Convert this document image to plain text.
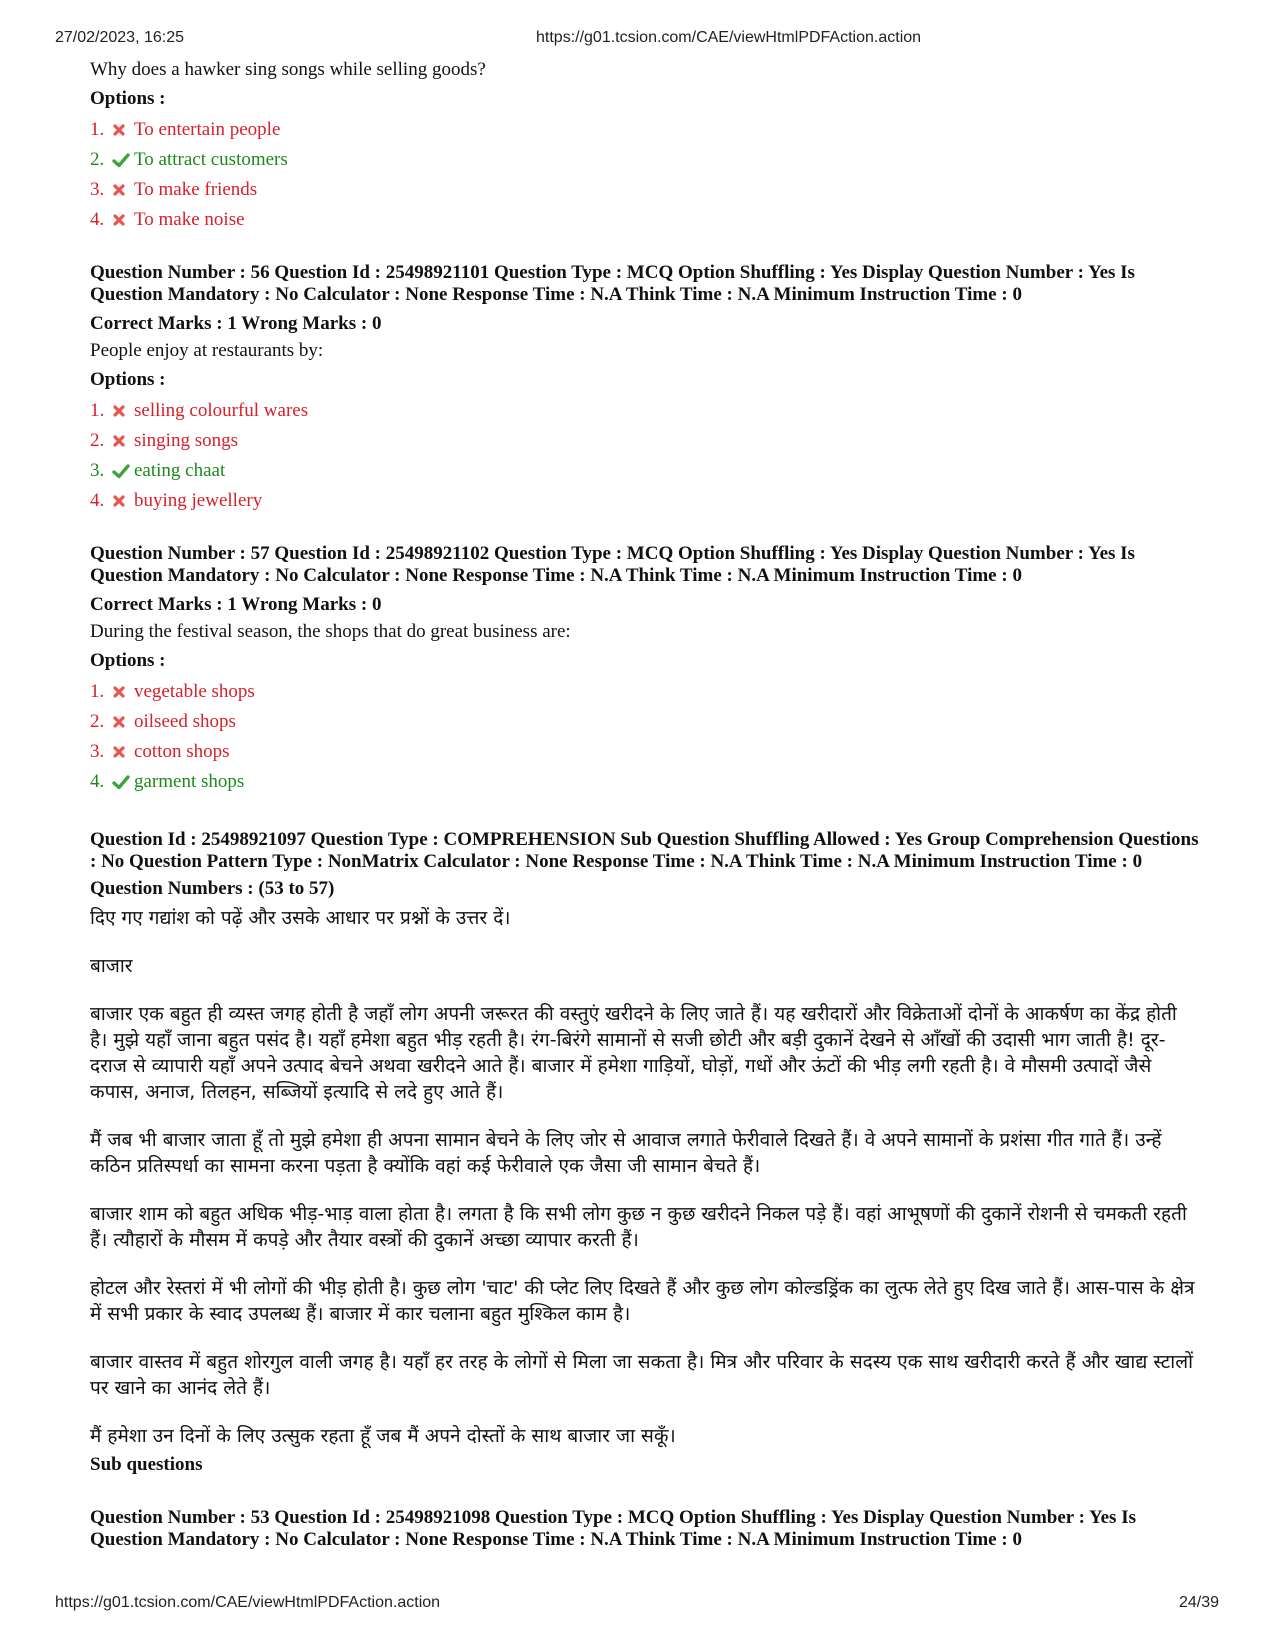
27/02/2023, 16:25	https://g01.tcsion.com/CAE/viewHtmlPDFAction.action

Why does a hawker sing songs while selling goods?

Options :
1.	To entertain people
2.	To attract customers
3.	To make friends
4.	To make noise

Question Number : 56 Question Id : 25498921101 Question Type : MCQ Option Shuffling : Yes Display Question Number : Yes Is Question Mandatory : No Calculator : None Response Time : N.A Think Time : N.A Minimum Instruction Time : 0

Correct Marks : 1 Wrong Marks : 0
People enjoy at restaurants by:
Options :
1.	selling colourful wares
2.	singing songs
3.	eating chaat
4.	buying jewellery

Question Number : 57 Question Id : 25498921102 Question Type : MCQ Option Shuffling : Yes Display Question Number : Yes Is Question Mandatory : No Calculator : None Response Time : N.A Think Time : N.A Minimum Instruction Time : 0

Correct Marks : 1 Wrong Marks : 0
During the festival season, the shops that do great business are:
Options :
1.	vegetable shops
2.	oilseed shops
3.	cotton shops
4.	garment shops

Question Id : 25498921097 Question Type : COMPREHENSION Sub Question Shuffling Allowed : Yes Group Comprehension Questions : No Question Pattern Type : NonMatrix Calculator : None Response Time : N.A Think Time : N.A Minimum Instruction Time : 0

Question Numbers : (53 to 57)
दिए गए गद्यांश को पढ़ें और उसके आधार पर प्रश्नों के उत्तर दें।
बाजार
बाजार एक बहुत ही व्यस्त जगह होती है जहाँ लोग अपनी जरूरत की वस्तुएं खरीदने के लिए जाते हैं। यह खरीदारों और विक्रेताओं दोनों के आकर्षण का केंद्र होती है। मुझे यहाँ जाना बहुत पसंद है। यहाँ हमेशा बहुत भीड़ रहती है। रंग-बिरंगे सामानों से सजी छोटी और बड़ी दुकानें देखने से आँखों की उदासी भाग जाती है! दूर-दराज से व्यापारी यहाँ अपने उत्पाद बेचने अथवा खरीदने आते हैं। बाजार में हमेशा गाड़ियों, घोड़ों, गधों और ऊंटों की भीड़ लगी रहती है। वे मौसमी उत्पादों जैसे कपास, अनाज, तिलहन, सब्जियों इत्यादि से लदे हुए आते हैं।
मैं जब भी बाजार जाता हूँ तो मुझे हमेशा ही अपना सामान बेचने के लिए जोर से आवाज लगाते फेरीवाले दिखते हैं। वे अपने सामानों के प्रशंसा गीत गाते हैं। उन्हें कठिन प्रतिस्पर्धा का सामना करना पड़ता है क्योंकि वहां कई फेरीवाले एक जैसा जी सामान बेचते हैं।
बाजार शाम को बहुत अधिक भीड़-भाड़ वाला होता है। लगता है कि सभी लोग कुछ न कुछ खरीदने निकल पड़े हैं। वहां आभूषणों की दुकानें रोशनी से चमकती रहती हैं। त्यौहारों के मौसम में कपड़े और तैयार वस्त्रों की दुकानें अच्छा व्यापार करती हैं।
होटल और रेस्तरां में भी लोगों की भीड़ होती है। कुछ लोग 'चाट' की प्लेट लिए दिखते हैं और कुछ लोग कोल्डड्रिंक का लुत्फ लेते हुए दिख जाते हैं। आस-पास के क्षेत्र में सभी प्रकार के स्वाद उपलब्ध हैं। बाजार में कार चलाना बहुत मुश्किल काम है।
बाजार वास्तव में बहुत शोरगुल वाली जगह है। यहाँ हर तरह के लोगों से मिला जा सकता है। मित्र और परिवार के सदस्य एक साथ खरीदारी करते हैं और खाद्य स्टालों पर खाने का आनंद लेते हैं।
मैं हमेशा उन दिनों के लिए उत्सुक रहता हूँ जब मैं अपने दोस्तों के साथ बाजार जा सकूँ।
Sub questions

Question Number : 53 Question Id : 25498921098 Question Type : MCQ Option Shuffling : Yes Display Question Number : Yes Is Question Mandatory : No Calculator : None Response Time : N.A Think Time : N.A Minimum Instruction Time : 0

https://g01.tcsion.com/CAE/viewHtmlPDFAction.action	24/39
